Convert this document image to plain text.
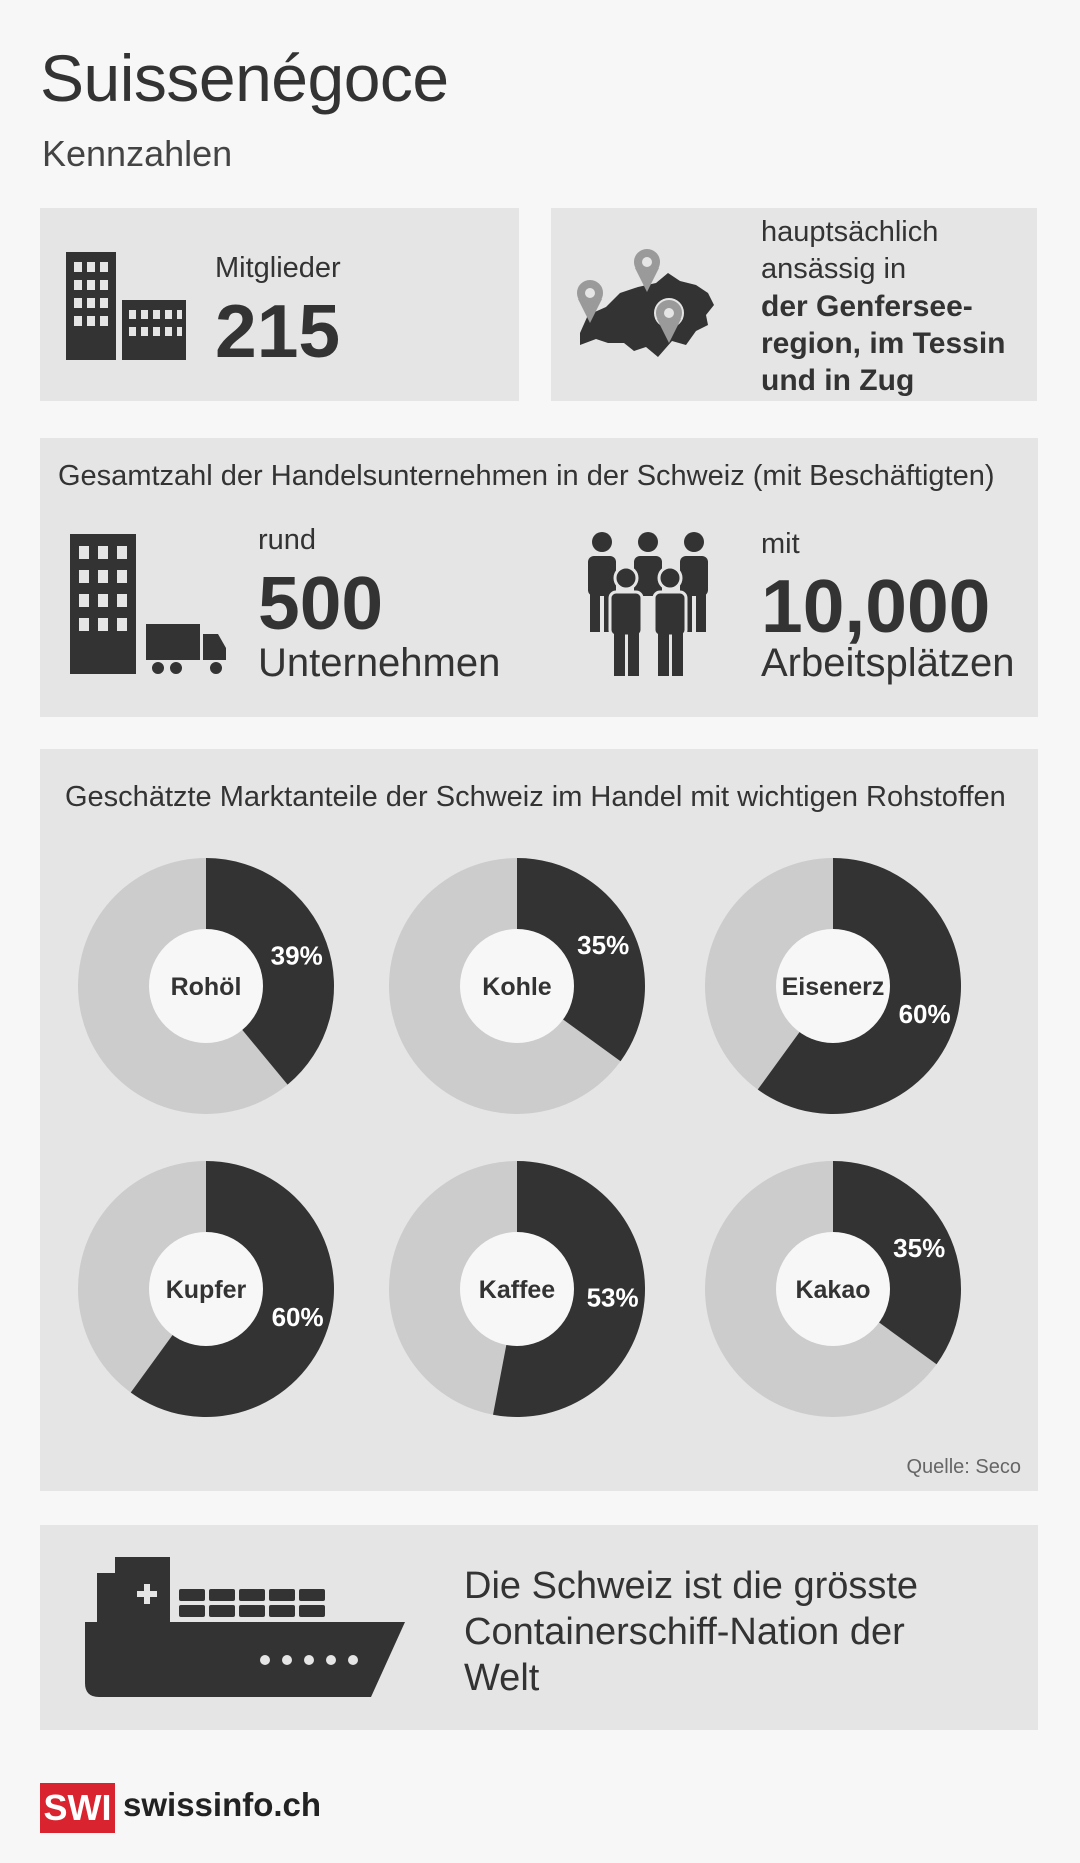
Suissenégoce
Kennzahlen
Mitglieder
215
hauptsächlich
ansässig in
der Genfersee-
region, im Tessin
und in Zug
Gesamtzahl der Handelsunternehmen in der Schweiz (mit Beschäftigten)
rund
500
Unternehmen
mit
10,000
Arbeitsplätzen
Geschätzte Marktanteile der Schweiz im Handel mit wichtigen Rohstoffen
Rohöl
39%
Kohle
35%
Eisenerz
60%
Kupfer
60%
Kaffee 53%	Kakao
35%
Quelle: Seco
Die Schweiz ist die grösste
Containerschiff-Nation der
Welt
SWI swissinfo.ch
